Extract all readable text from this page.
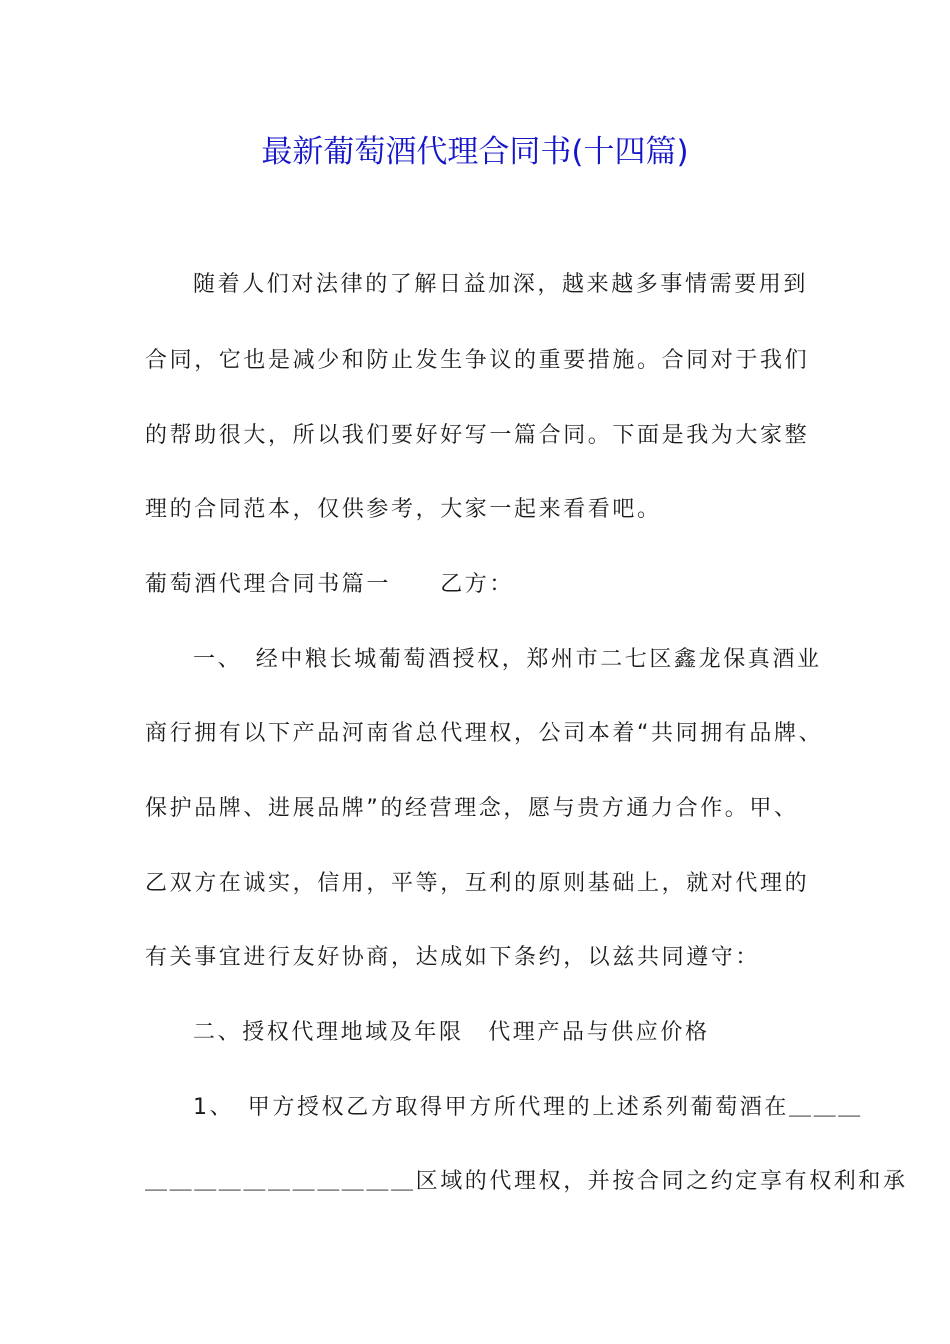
最新葡萄酒代理合同书(十四篇)
随着人们对法律的了解日益加深，越来越多事情需要用到
合同，它也是减少和防止发生争议的重要措施。合同对于我们
的帮助很大，所以我们要好好写一篇合同。下面是我为大家整
理的合同范本，仅供参考，大家一起来看看吧。
葡萄酒代理合同书篇一　　乙方：
一、　经中粮长城葡萄酒授权，郑州市二七区鑫龙保真酒业
商行拥有以下产品河南省总代理权，公司本着“共同拥有品牌、
保护品牌、进展品牌”的经营理念，愿与贵方通力合作。甲、
乙双方在诚实，信用，平等，互利的原则基础上，就对代理的
有关事宜进行友好协商，达成如下条约，以兹共同遵守：
二、授权代理地域及年限　代理产品与供应价格
1、　甲方授权乙方取得甲方所代理的上述系列葡萄酒在＿＿＿
＿＿＿＿＿＿＿＿＿＿＿区域的代理权，并按合同之约定享有权利和承
